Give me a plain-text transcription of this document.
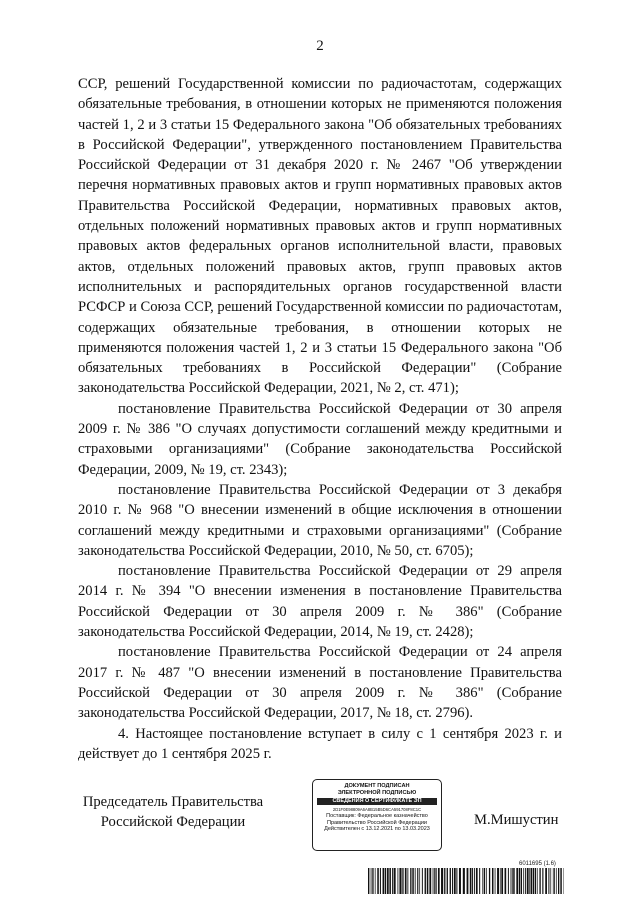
2

ССР, решений Государственной комиссии по радиочастотам, содержащих обязательные требования, в отношении которых не применяются положения частей 1, 2 и 3 статьи 15 Федерального закона "Об обязательных требованиях в Российской Федерации", утвержденного постановлением Правительства Российской Федерации от 31 декабря 2020 г. № 2467 "Об утверждении перечня нормативных правовых актов и групп нормативных правовых актов Правительства Российской Федерации, нормативных правовых актов, отдельных положений нормативных правовых актов и групп нормативных правовых актов федеральных органов исполнительной власти, правовых актов, отдельных положений правовых актов, групп правовых актов исполнительных и распорядительных органов государственной власти РСФСР и Союза ССР, решений Государственной комиссии по радиочастотам, содержащих обязательные требования, в отношении которых не применяются положения частей 1, 2 и 3 статьи 15 Федерального закона "Об обязательных требованиях в Российской Федерации" (Собрание законодательства Российской Федерации, 2021, № 2, ст. 471);

постановление Правительства Российской Федерации от 30 апреля 2009 г. № 386 "О случаях допустимости соглашений между кредитными и страховыми организациями" (Собрание законодательства Российской Федерации, 2009, № 19, ст. 2343);

постановление Правительства Российской Федерации от 3 декабря 2010 г. № 968 "О внесении изменений в общие исключения в отношении соглашений между кредитными и страховыми организациями" (Собрание законодательства Российской Федерации, 2010, № 50, ст. 6705);

постановление Правительства Российской Федерации от 29 апреля 2014 г. № 394 "О внесении изменения в постановление Правительства Российской Федерации от 30 апреля 2009 г. № 386" (Собрание законодательства Российской Федерации, 2014, № 19, ст. 2428);

постановление Правительства Российской Федерации от 24 апреля 2017 г. № 487 "О внесении изменений в постановление Правительства Российской Федерации от 30 апреля 2009 г. № 386" (Собрание законодательства Российской Федерации, 2017, № 18, ст. 2796).

4. Настоящее постановление вступает в силу с 1 сентября 2023 г. и действует до 1 сентября 2025 г.

Председатель Правительства
Российской Федерации
ДОКУМЕНТ ПОДПИСАН
ЭЛЕКТРОННОЙ ПОДПИСЬЮ
СВЕДЕНИЯ О СЕРТИФИКАТЕ ЭП
2D1F0E98809A6A8B15B5D6CA591708F8C1C
Поставщик: Федеральное казначейство
Правительство Российской Федерации
Действителен с 13.12.2021 по 13.03.2023
М.Мишустин
6011695 (1.6)
